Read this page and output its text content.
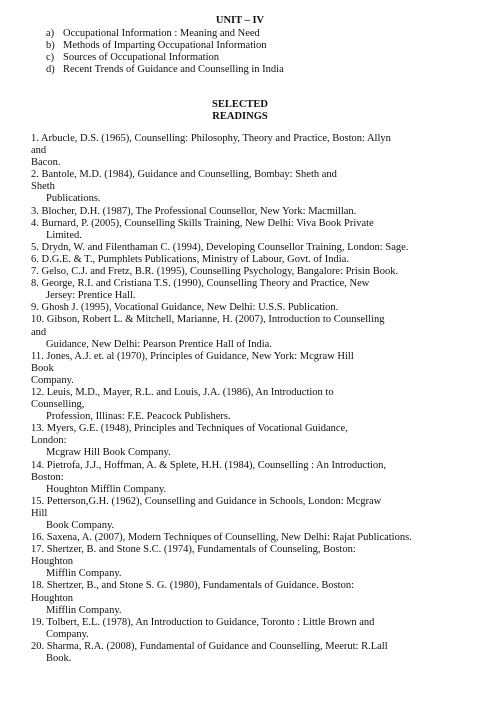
UNIT – IV
a) Occupational Information : Meaning and Need
b) Methods of Imparting Occupational Information
c) Sources of Occupational Information
d) Recent Trends of Guidance and Counselling in India
SELECTED
READINGS

1. Arbucle, D.S. (1965), Counselling: Philosophy, Theory and Practice, Boston: Allyn

and

Bacon.

2. Bantole, M.D. (1984), Guidance and Counselling, Bombay: Sheth and

Sheth

Publications.

3. Blocher, D.H. (1987), The Professional Counsellor, New York: Macmillan.

4. Burnard, P. (2005), Counselling Skills Training, New Delhi: Viva Book Private

Limited.

5. Drydn, W. and Filenthaman C. (1994), Developing Counsellor Training, London: Sage.

6. D.G.E. & T., Pumphlets Publications, Ministry of Labour, Govt. of India.

7. Gelso, C.J. and Fretz, B.R. (1995), Counselling Psychology, Bangalore: Prisin Book.

8. George, R.I. and Cristiana T.S. (1990), Counselling Theory and Practice, New

Jersey: Prentice Hall.

9. Ghosh J. (1995), Vocational Guidance, New Delhi: U.S.S. Publication.

10. Gibson, Robert L. & Mitchell, Marianne, H. (2007), Introduction to Counselling

and

Guidance, New Delhi: Pearson Prentice Hall of India.

11. Jones, A.J. et. al (1970), Principles of Guidance, New York: Mcgraw Hill

Book

Company.

12. Leuis, M.D., Mayer, R.L. and Louis, J.A. (1986), An Introduction to

Counselling,

Profession, Illinas: F.E. Peacock Publishers.

13. Myers, G.E. (1948), Principles and Techniques of Vocational Guidance,

London:

Mcgraw Hill Book Company.

14. Pietrofa, J.J., Hoffman, A. & Splete, H.H. (1984), Counselling : An Introduction,

Boston:

Houghton Mifflin Company.

15. Petterson,G.H. (1962), Counselling and Guidance in Schools, London: Mcgraw

Hill

Book Company.

16. Saxena, A. (2007), Modern Techniques of Counselling, New Delhi: Rajat Publications.

17. Shertzer, B. and Stone S.C. (1974), Fundamentals of Counseling, Boston:

Houghton

Mifflin Company.

18. Shertzer, B., and Stone S. G. (1980), Fundamentals of Guidance. Boston:

Houghton

Mifflin Company.

19. Tolbert, E.L. (1978), An Introduction to Guidance, Toronto : Little Brown and

Company.

20. Sharma, R.A. (2008), Fundamental of Guidance and Counselling, Meerut: R.Lall

Book.
